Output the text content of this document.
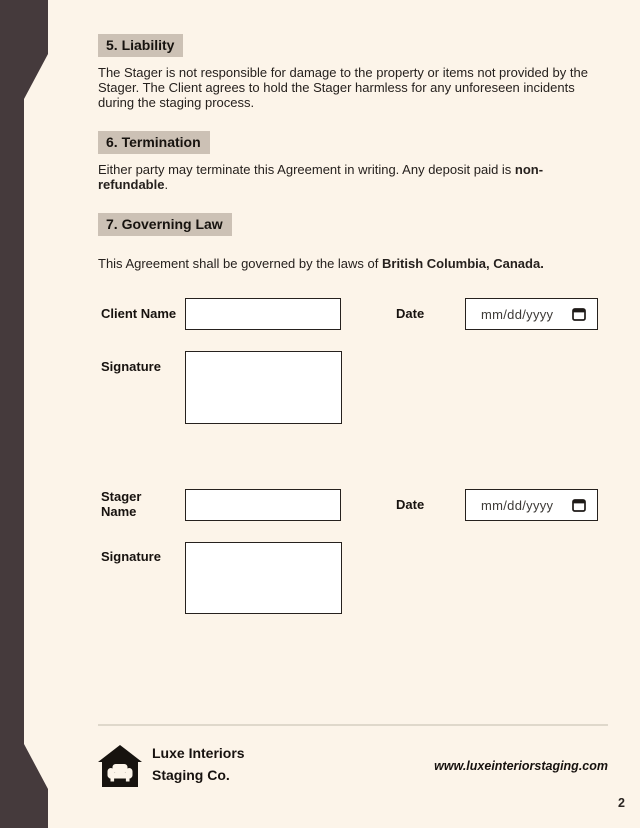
5. Liability

The Stager is not responsible for damage to the property or items not provided by the Stager. The Client agrees to hold the Stager harmless for any unforeseen incidents during the staging process.

6. Termination

Either party may terminate this Agreement in writing. Any deposit paid is non-refundable.

7. Governing Law

This Agreement shall be governed by the laws of British Columbia, Canada.

Client Name	Date	mm/dd/yyyy
Signature
Stager Name	Date	mm/dd/yyyy
Signature
Luxe Interiors
Staging Co.
www.luxeinteriorstaging.com
2
